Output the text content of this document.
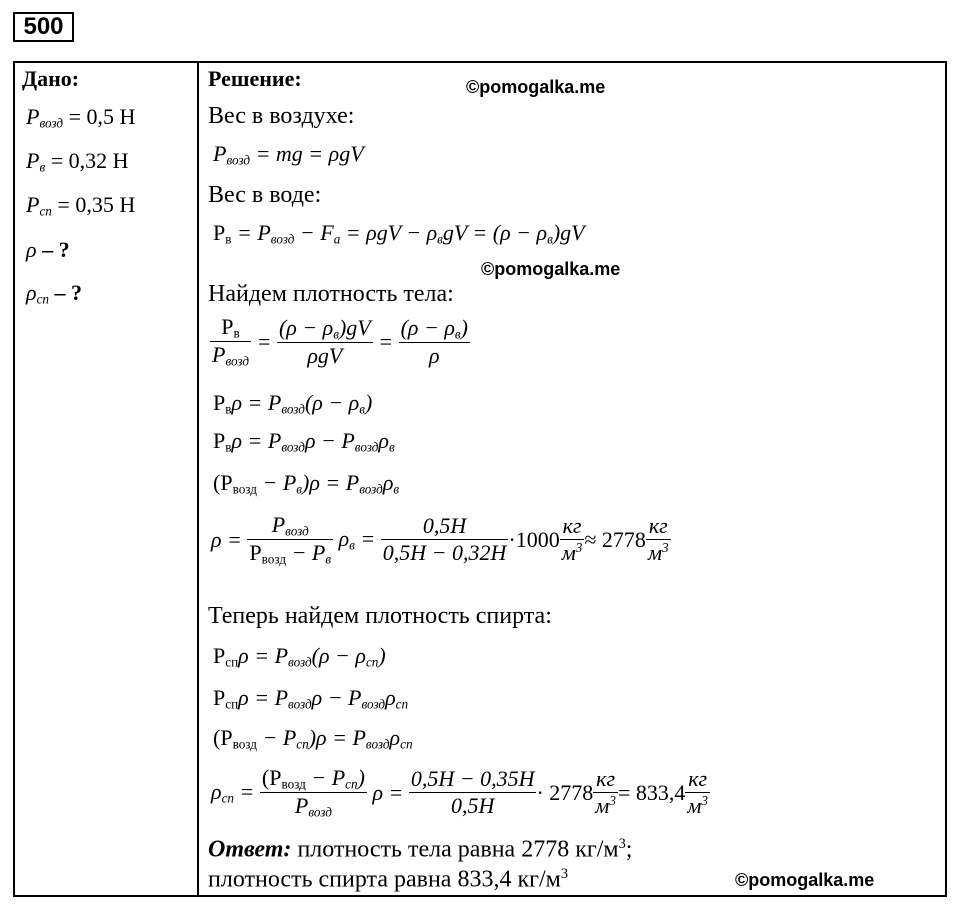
500
Дано:
$P_{возд} = 0,5$ Н
$P_в = 0,32$ Н
$P_{сп} = 0,35$ Н
ρ – ?
$\rho_{сп}$ – ?
Решение:	©pomogalka.me
Вес в воздухе:
$P_{возд}$ = mg = ρgV
Вес в воде:
$Р_в = P_{возд} - F_а = \rho gV - \rho_вgV = (\rho - \rho_в)gV$
©pomogalka.me
Найдем плотность тела:
$\frac{Р_в}{P_{возд}} = \frac{(\rho - \rho_в)gV}{\text{ρgV}} = \frac{(\rho - \rho_в)}{\rho}$
$Р_в\rho = P_{возд}(\rho - \rho_в)$
$Р_в\rho = P_{возд}\rho - P_{возд}\rho_в$
$(Р_{возд} - P_в)\rho = P_{возд}\rho_в$
$\rho = \frac{P_{возд}}{Р_{возд} - P_в} \rho_в = \frac{0,5Н}{0,5Н - 0,32Н} \cdot 1000 \frac{кг}{м^3} \approx 2778 \frac{кг}{м^3}$
Теперь найдем плотность спирта:
$Р_{сп}\rho = P_{возд}(\rho - \rho_{сп})$
$Р_{сп}\rho = P_{возд}\rho - P_{возд}\rho_{сп}$
$(Р_{возд} - P_{сп})\rho = P_{возд}\rho_{сп}$
$\rho_{сп} = \frac{(Р_{возд} - P_{сп})}{P_{возд}}$ $\rho = \frac{0,5Н - 0,35Н}{0,5Н} \cdot 2778 \frac{кг}{м^3} = 833,4 \frac{кг}{м^3}$
Ответ: плотность тела равна 2778 $кг/м^3$;
плотность спирта равна 833,4 $кг/м^3$	©pomogalka.me
